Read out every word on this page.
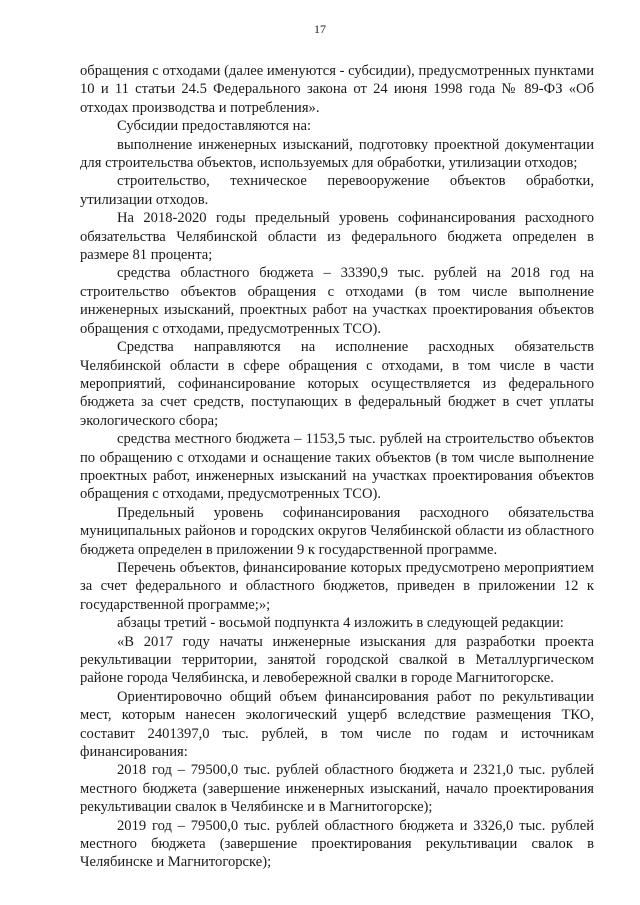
17

обращения с отходами (далее именуются - субсидии), предусмотренных пунктами 10 и 11 статьи 24.5 Федерального закона от 24 июня 1998 года № 89-ФЗ «Об отходах производства и потребления».

Субсидии предоставляются на:

выполнение инженерных изысканий, подготовку проектной документации для строительства объектов, используемых для обработки, утилизации отходов;

строительство, техническое перевооружение объектов обработки, утилизации отходов.

На 2018-2020 годы предельный уровень софинансирования расходного обязательства Челябинской области из федерального бюджета определен в размере 81 процента;

средства областного бюджета – 33390,9 тыс. рублей на 2018 год на строительство объектов обращения с отходами (в том числе выполнение инженерных изысканий, проектных работ на участках проектирования объектов обращения с отходами, предусмотренных ТСО).

Средства направляются на исполнение расходных обязательств Челябинской области в сфере обращения с отходами, в том числе в части мероприятий, софинансирование которых осуществляется из федерального бюджета за счет средств, поступающих в федеральный бюджет в счет уплаты экологического сбора;

средства местного бюджета – 1153,5 тыс. рублей на строительство объектов по обращению с отходами и оснащение таких объектов (в том числе выполнение проектных работ, инженерных изысканий на участках проектирования объектов обращения с отходами, предусмотренных ТСО).

Предельный уровень софинансирования расходного обязательства муниципальных районов и городских округов Челябинской области из областного бюджета определен в приложении 9 к государственной программе.

Перечень объектов, финансирование которых предусмотрено мероприятием за счет федерального и областного бюджетов, приведен в приложении 12 к государственной программе;»;

абзацы третий - восьмой подпункта 4 изложить в следующей редакции:

«В 2017 году начаты инженерные изыскания для разработки проекта рекультивации территории, занятой городской свалкой в Металлургическом районе города Челябинска, и левобережной свалки в городе Магнитогорске.

Ориентировочно общий объем финансирования работ по рекультивации мест, которым нанесен экологический ущерб вследствие размещения ТКО, составит 2401397,0 тыс. рублей, в том числе по годам и источникам финансирования:

2018 год – 79500,0 тыс. рублей областного бюджета и 2321,0 тыс. рублей местного бюджета (завершение инженерных изысканий, начало проектирования рекультивации свалок в Челябинске и в Магнитогорске);

2019 год – 79500,0 тыс. рублей областного бюджета и 3326,0 тыс. рублей местного бюджета (завершение проектирования рекультивации свалок в Челябинске и Магнитогорске);
